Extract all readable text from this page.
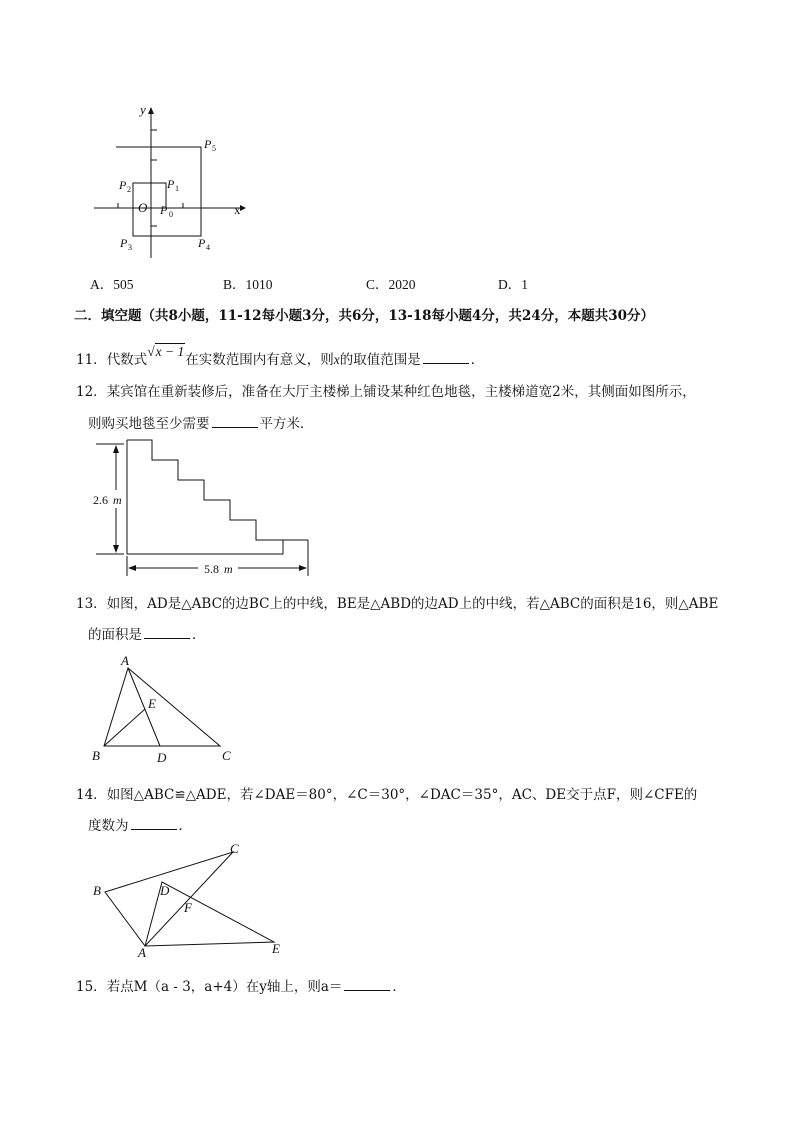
y
x
O P 0
P 1
P 2
P 3	P 4
P 5
A．505	B．1010	C．2020	D．1
二．填空题（共8小题，11-12每小题3分，共6分，13-18每小题4分，共24分，本题共30分）
11．代数式√x − 1在实数范围内有意义，则x的取值范围是	．
12．某宾馆在重新装修后，准备在大厅主楼梯上铺设某种红色地毯，主楼梯道宽2米，其侧面如图所示，
则购买地毯至少需要	平方米．
2.6 m
5.8 m
13．如图，AD是△ABC的边BC上的中线，BE是△ABD的边AD上的中线，若△ABC的面积是16，则△ABE
的面积是	．
A
B	C
D
E
14．如图△ABC≌△ADE，若∠DAE＝80°，∠C＝30°，∠DAC＝35°，AC、DE交于点F，则∠CFE的
度数为	．
C
B	D
F
A	E
15．若点M（a - 3，a+4）在y轴上，则a＝	．
